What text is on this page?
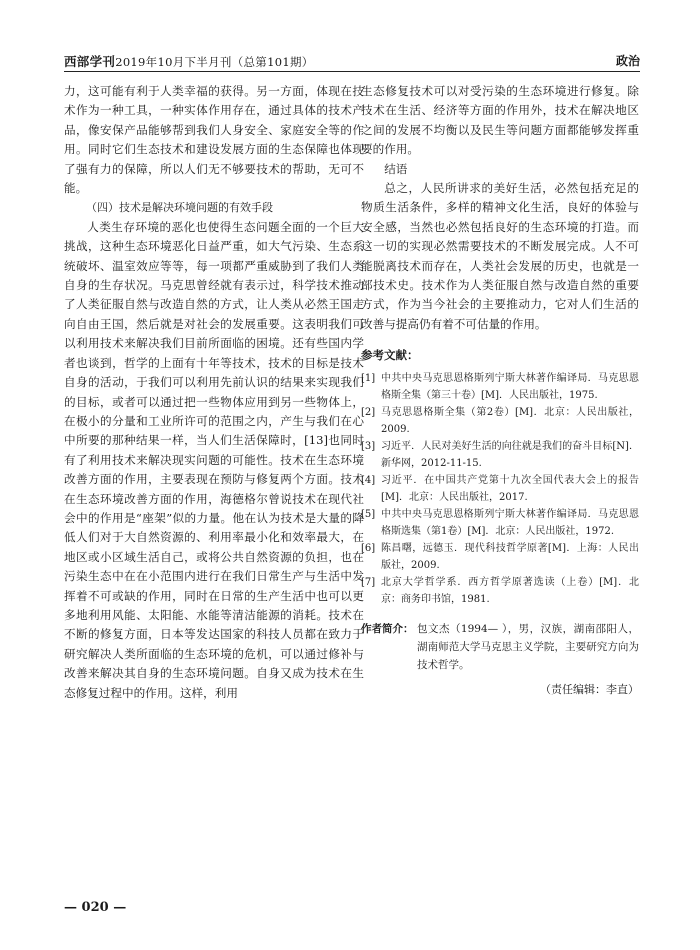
西部学刊2019年10月下半月刊（总第101期）	政治

力，这可能有利于人类幸福的获得。另一方面，体现在技术作为一种工具，一种实体作用存在，通过具体的技术产品，像安保产品能够帮到我们人身安全、家庭安全等的作用。同时它们生态技术和建设发展方面的生态保障也体现了强有力的保障，所以人们无不够要技术的帮助，无可不能。

（四）技术是解决环境问题的有效手段

人类生存环境的恶化也使得生态问题全面的一个巨大挑战，这种生态环境恶化日益严重，如大气污染、生态系统破坏、温室效应等等，每一项都严重威胁到了我们人类自身的生存状况。马克思曾经就有表示过，科学技术推动了人类征服自然与改造自然的方式，让人类从必然王国走向自由王国，然后就是对社会的发展重要。这表明我们可以利用技术来解决我们目前所面临的困境。还有些国内学者也谈到，哲学的上面有十年等技术，技术的目标是技术自身的活动，于我们可以利用先前认识的结果来实现我们的目标，或者可以通过把一些物体应用到另一些物体上，在极小的分量和工业所许可的范围之内，产生与我们在心中所要的那种结果一样，当人们生活保障时，[13]也同时有了利用技术来解决现实问题的可能性。技术在生态环境改善方面的作用，主要表现在预防与修复两个方面。技术在生态环境改善方面的作用，海德格尔曾说技术在现代社会中的作用是“座架”似的力量。他在认为技术是大量的降低人们对于大自然资源的、利用率最小化和效率最大，在地区或小区域生活自己，或将公共自然资源的负担，也在污染生态中在在小范围内进行在我们日常生产与生活中发挥着不可或缺的作用，同时在日常的生产生活中也可以更多地利用风能、太阳能、水能等清洁能源的消耗。技术在不断的修复方面，日本等发达国家的科技人员都在致力于研究解决人类所面临的生态环境的危机，可以通过修补与改善来解决其自身的生态环境问题。自身又成为技术在生态修复过程中的作用。这样，利用

生态修复技术可以对受污染的生态环境进行修复。除技术在生活、经济等方面的作用外，技术在解决地区之间的发展不均衡以及民生等问题方面都能够发挥重要的作用。

结语

总之，人民所讲求的美好生活，必然包括充足的物质生活条件，多样的精神文化生活，良好的体验与安全感，当然也必然包括良好的生态环境的打造。而这一切的实现必然需要技术的不断发展完成。人不可能脱离技术而存在，人类社会发展的历史，也就是一部技术史。技术作为人类征服自然与改造自然的重要方式，作为当今社会的主要推动力，它对人们生活的改善与提高仍有着不可估量的作用。

参考文献：
[1] 中共中央马克思恩格斯列宁斯大林著作编译局．马克思恩格斯全集（第三十卷）[M]．人民出版社，1975.
[2] 马克思恩格斯全集（第2卷）[M]．北京：人民出版社，2009.
[3] 习近平．人民对美好生活的向往就是我们的奋斗目标[N]．新华网，2012-11-15.
[4] 习近平．在中国共产党第十九次全国代表大会上的报告[M]．北京：人民出版社，2017.
[5] 中共中央马克思恩格斯列宁斯大林著作编译局．马克思恩格斯选集（第1卷）[M]．北京：人民出版社，1972.
[6] 陈昌曙，远德玉．现代科技哲学原著[M]．上海：人民出版社，2009.
[7] 北京大学哲学系．西方哲学原著选读（上卷）[M]．北京：商务印书馆，1981.
作者简介： 包文杰（1994— ），男，汉族，湖南邵阳人，湖南师范大学马克思主义学院，主要研究方向为技术哲学。
（责任编辑：李直）
— 020 —
